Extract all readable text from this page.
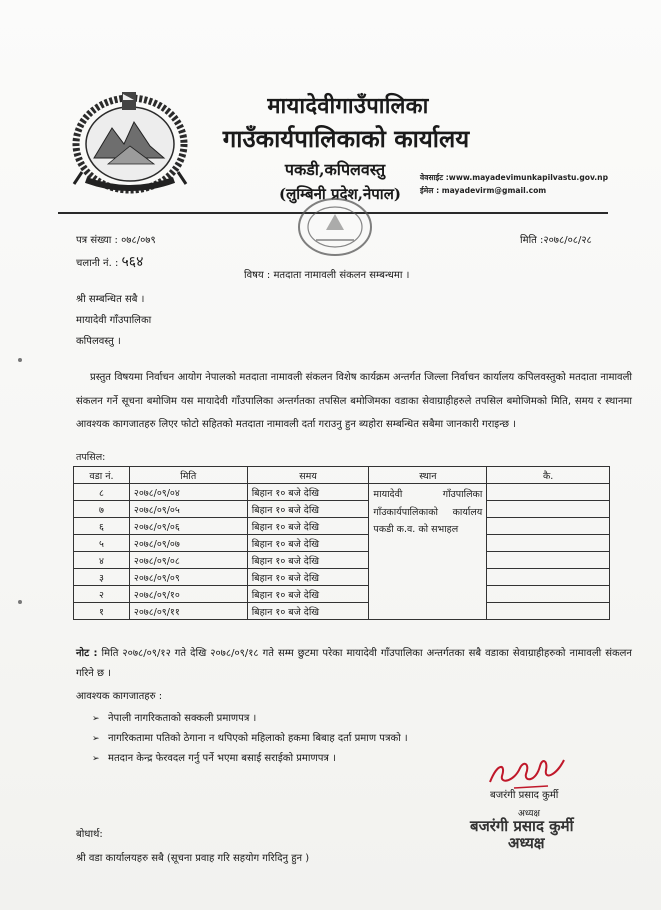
मायादेवीगाउँपालिका
गाउँकार्यपालिकाको कार्यालय
पकडी,कपिलवस्तु
(लुम्बिनी प्रदेश,नेपाल)
वेवसाईट :www.mayadevimunkapilvastu.gov.np
ईमेल : mayadevirm@gmail.com
पत्र संख्या : ०७८/०७९
चलानी नं. : ५६४
मिति :२०७८/०८/२८
विषय : मतदाता नामावली संकलन सम्बन्धमा ।
श्री सम्बन्धित सबै ।
मायादेवी गाँउपालिका
कपिलवस्तु ।
प्रस्तुत विषयमा निर्वाचन आयोग नेपालको मतदाता नामावली संकलन विशेष कार्यक्रम अन्तर्गत जिल्ला निर्वाचन कार्यालय कपिलवस्तुको मतदाता नामावली संकलन गर्ने सूचना बमोजिम यस मायादेवी गाँउपालिका अन्तर्गतका तपसिल बमोजिमका वडाका सेवाग्राहीहरुले तपसिल बमोजिमको मिति, समय र स्थानमा आवश्यक कागजातहरु लिएर फोटो सहितको मतदाता नामावली दर्ता गराउनु हुन ब्यहोरा सम्बन्धित सबैमा जानकारी गराइन्छ ।
तपसिल:
वडा नं.	मिति	समय	स्थान	कै.
८	२०७८/०९/०४	बिहान १० बजे देखि	मायादेवी गाँउपालिका गाँउकार्यपालिकाको कार्यालय पकडी क.व. को सभाहल	
७	२०७८/०९/०५	बिहान १० बजे देखि		
६	२०७८/०९/०६	बिहान १० बजे देखि		
५	२०७८/०९/०७	बिहान १० बजे देखि		
४	२०७८/०९/०८	बिहान १० बजे देखि		
३	२०७८/०९/०९	बिहान १० बजे देखि		
२	२०७८/०९/१०	बिहान १० बजे देखि		
१	२०७८/०९/११	बिहान १० बजे देखि		
नोट : मिति २०७८/०९/१२ गते देखि २०७८/०९/१८ गते सम्म छुटमा परेका मायादेवी गाँउपालिका अन्तर्गतका सबै वडाका सेवाग्राहीहरुको नामावली संकलन गरिने छ ।
आवश्यक कागजातहरु :
➢ नेपाली नागरिकताको सक्कली प्रमाणपत्र ।
➢ नागरिकतामा पतिको ठेगाना न थपिएको महिलाको हकमा बिबाह दर्ता प्रमाण पत्रको ।
➢ मतदान केन्द्र फेरवदल गर्नु पर्ने भएमा बसाई सराईको प्रमाणपत्र ।
बजरंगी प्रसाद कुर्मी
अध्यक्ष
बजरंगी प्रसाद कुर्मी
अध्यक्ष
बोधार्थ:
श्री वडा कार्यालयहरु सबै (सूचना प्रवाह गरि सहयोग गरिदिनु हुन )
